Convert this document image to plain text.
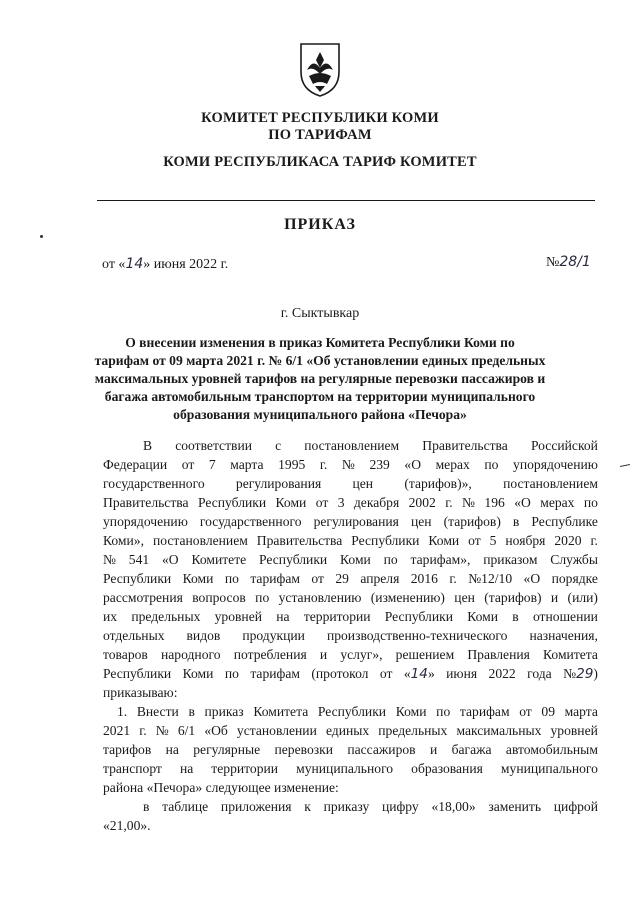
КОМИТЕТ РЕСПУБЛИКИ КОМИ
ПО ТАРИФАМ
КОМИ РЕСПУБЛИКАСА ТАРИФ КОМИТЕТ
ПРИКАЗ
от «14» июня 2022 г.	№28/1
г. Сыктывкар
О внесении изменения в приказ Комитета Республики Коми по
тарифам от 09 марта 2021 г. № 6/1 «Об установлении единых предельных
максимальных уровней тарифов на регулярные перевозки пассажиров и
багажа автомобильным транспортом на территории муниципального
образования муниципального района «Печора»
В соответствии с постановлением Правительства Российской
Федерации от 7 марта 1995 г. № 239 «О мерах по упорядочению
государственного регулирования цен (тарифов)», постановлением
Правительства Республики Коми от 3 декабря 2002 г. № 196 «О мерах по
упорядочению государственного регулирования цен (тарифов) в Республике
Коми», постановлением Правительства Республики Коми от 5 ноября 2020 г.
№ 541 «О Комитете Республики Коми по тарифам», приказом Службы
Республики Коми по тарифам от 29 апреля 2016 г. №12/10 «О порядке
рассмотрения вопросов по установлению (изменению) цен (тарифов) и (или)
их предельных уровней на территории Республики Коми в отношении
отдельных видов продукции производственно-технического назначения,
товаров народного потребления и услуг», решением Правления Комитета
Республики Коми по тарифам (протокол от «14» июня 2022 года №29)
приказываю:
1. Внести в приказ Комитета Республики Коми по тарифам от 09 марта
2021 г. № 6/1 «Об установлении единых предельных максимальных уровней
тарифов на регулярные перевозки пассажиров и багажа автомобильным
транспорт на территории муниципального образования муниципального
района «Печора» следующее изменение:
в таблице приложения к приказу цифру «18,00» заменить цифрой
«21,00».
